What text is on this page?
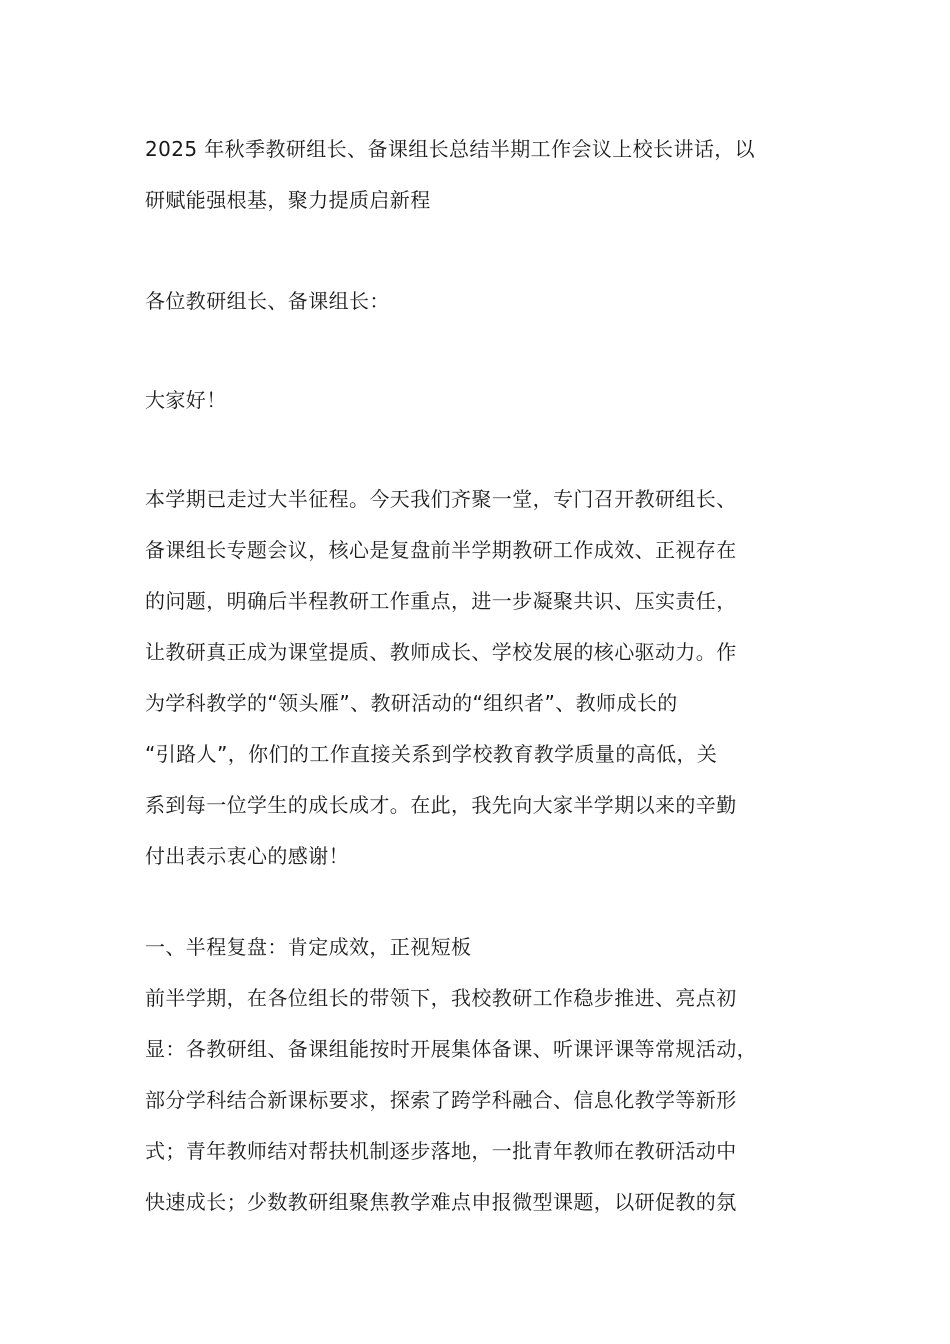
2025 年秋季教研组长、备课组长总结半期工作会议上校长讲话，以
研赋能强根基，聚力提质启新程
各位教研组长、备课组长：
大家好！
本学期已走过大半征程。今天我们齐聚一堂，专门召开教研组长、
备课组长专题会议，核心是复盘前半学期教研工作成效、正视存在
的问题，明确后半程教研工作重点，进一步凝聚共识、压实责任，
让教研真正成为课堂提质、教师成长、学校发展的核心驱动力。作
为学科教学的“领头雁”、教研活动的“组织者”、教师成长的
“引路人”，你们的工作直接关系到学校教育教学质量的高低，关
系到每一位学生的成长成才。在此，我先向大家半学期以来的辛勤
付出表示衷心的感谢！
一、半程复盘：肯定成效，正视短板
前半学期，在各位组长的带领下，我校教研工作稳步推进、亮点初
显：各教研组、备课组能按时开展集体备课、听课评课等常规活动，
部分学科结合新课标要求，探索了跨学科融合、信息化教学等新形
式；青年教师结对帮扶机制逐步落地，一批青年教师在教研活动中
快速成长；少数教研组聚焦教学难点申报微型课题，以研促教的氛
